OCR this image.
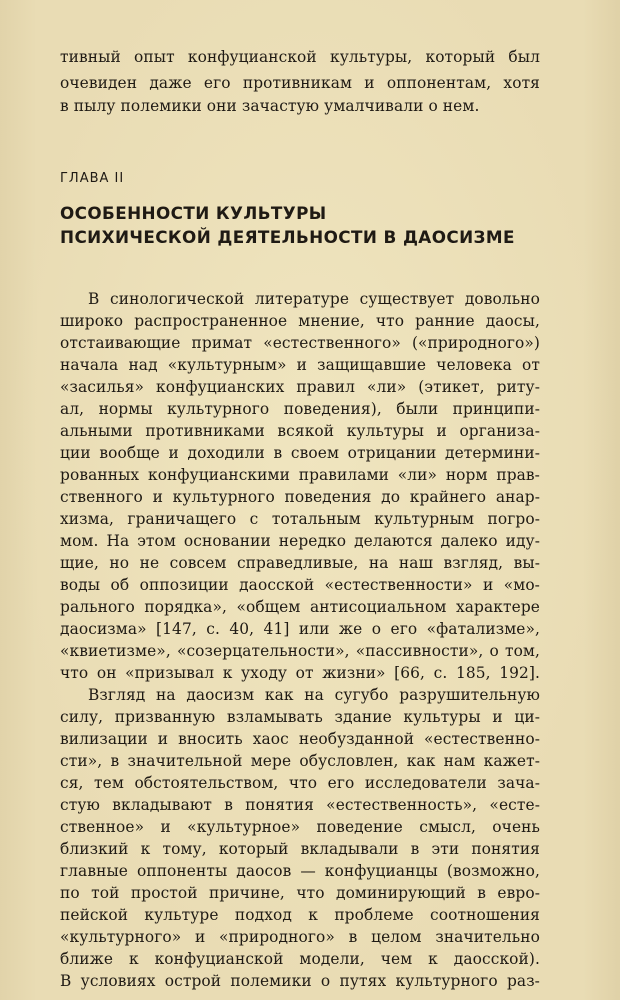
тивный опыт конфуцианской культуры, который был
очевиден даже его противникам и оппонентам, хотя
в пылу полемики они зачастую умалчивали о нем.
ГЛАВА II
ОСОБЕННОСТИ КУЛЬТУРЫ
ПСИХИЧЕСКОЙ ДЕЯТЕЛЬНОСТИ В ДАОСИЗМЕ
В синологической литературе существует довольно
широко распространенное мнение, что ранние даосы,
отстаивающие примат «естественного» («природного»)
начала над «культурным» и защищавшие человека от
«засилья» конфуцианских правил «ли» (этикет, риту-
ал, нормы культурного поведения), были принципи-
альными противниками всякой культуры и организа-
ции вообще и доходили в своем отрицании детермини-
рованных конфуцианскими правилами «ли» норм прав-
ственного и культурного поведения до крайнего анар-
хизма, граничащего с тотальным культурным погро-
мом. На этом основании нередко делаются далеко иду-
щие, но не совсем справедливые, на наш взгляд, вы-
воды об оппозиции даосской «естественности» и «мо-
рального порядка», «общем антисоциальном характере
даосизма» [147, с. 40, 41] или же о его «фатализме»,
«квиетизме», «созерцательности», «пассивности», о том,
что он «призывал к уходу от жизни» [66, с. 185, 192].
Взгляд на даосизм как на сугубо разрушительную
силу, призванную взламывать здание культуры и ци-
вилизации и вносить хаос необузданной «естественно-
сти», в значительной мере обусловлен, как нам кажет-
ся, тем обстоятельством, что его исследователи зача-
стую вкладывают в понятия «естественность», «есте-
ственное» и «культурное» поведение смысл, очень
близкий к тому, который вкладывали в эти понятия
главные оппоненты даосов — конфуцианцы (возможно,
по той простой причине, что доминирующий в евро-
пейской культуре подход к проблеме соотношения
«культурного» и «природного» в целом значительно
ближе к конфуцианской модели, чем к даосской).
В условиях острой полемики о путях культурного раз-
